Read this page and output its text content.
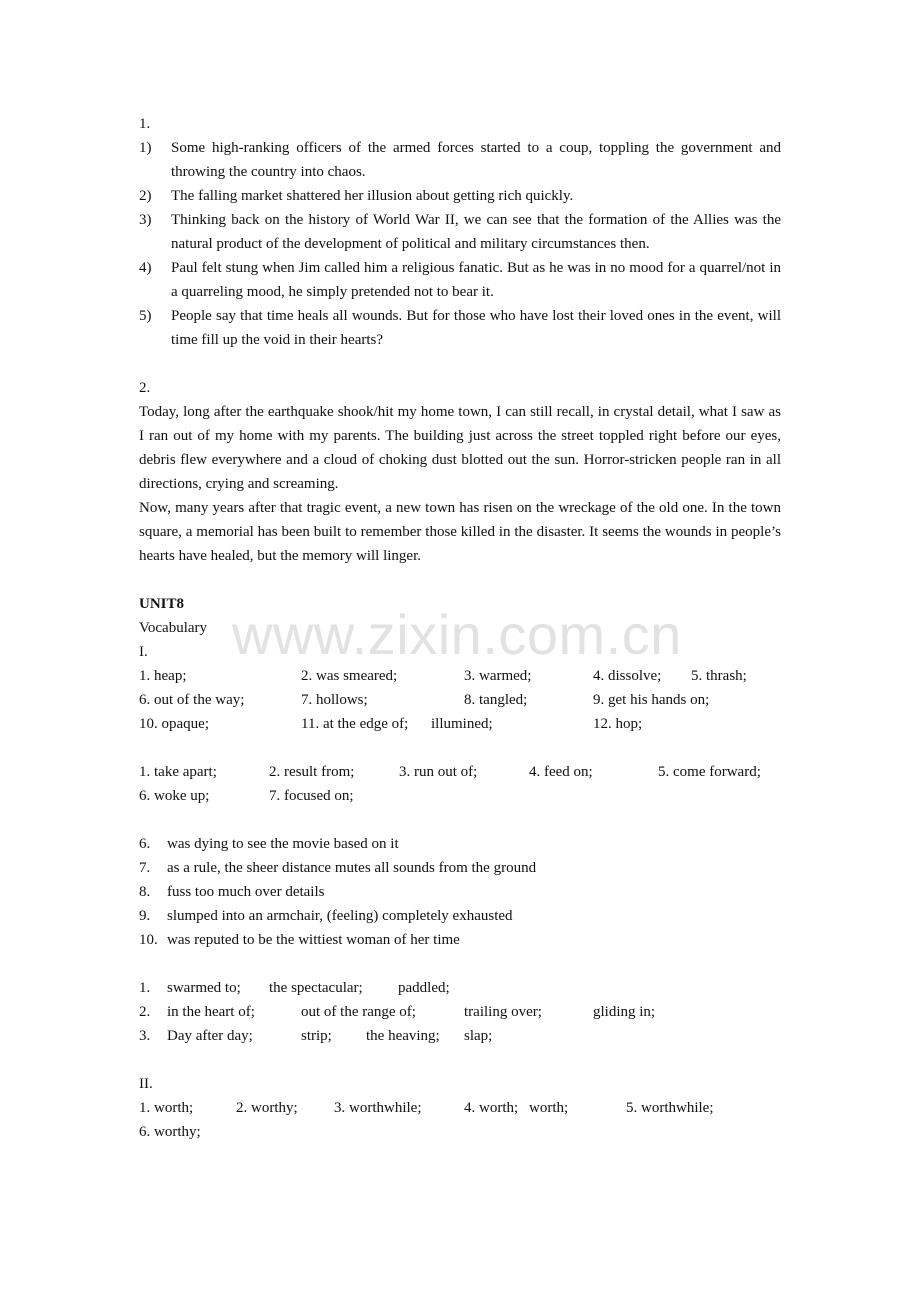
www.zixin.com.cn
1.
1)	Some high-ranking officers of the armed forces started to a coup, toppling the government and throwing the country into chaos.
2)	The falling market shattered her illusion about getting rich quickly.
3)	Thinking back on the history of World War II, we can see that the formation of the Allies was the natural product of the development of political and military circumstances then.
4)	Paul felt stung when Jim called him a religious fanatic. But as he was in no mood for a quarrel/not in a quarreling mood, he simply pretended not to bear it.
5)	People say that time heals all wounds. But for those who have lost their loved ones in the event, will time fill up the void in their hearts?
2.
Today, long after the earthquake shook/hit my home town, I can still recall, in crystal detail, what I saw as I ran out of my home with my parents. The building just across the street toppled right before our eyes, debris flew everywhere and a cloud of choking dust blotted out the sun. Horror-stricken people ran in all directions, crying and screaming.
Now, many years after that tragic event, a new town has risen on the wreckage of the old one. In the town square, a memorial has been built to remember those killed in the disaster. It seems the wounds in people’s hearts have healed, but the memory will linger.
UNIT8
Vocabulary
I.
1. heap;	2. was smeared;	3. warmed;	4. dissolve; 5. thrash;
6. out of the way;	7. hollows;	8. tangled;	9. get his hands on;
10. opaque;	11. at the edge of; illumined;	12. hop;
1. take apart;	2. result from;	3. run out of;	4. feed on;	5. come forward;
6. woke up;	7. focused on;
6. was dying to see the movie based on it
7. as a rule, the sheer distance mutes all sounds from the ground
8. fuss too much over details
9. slumped into an armchair, (feeling) completely exhausted
10. was reputed to be the wittiest woman of her time
1. swarmed to; the spectacular; paddled;
2. in the heart of;	out of the range of;	trailing over;	gliding in;
3. Day after day;	strip; the heaving; slap;
II.
1. worth;	2. worthy; 3. worthwhile;	4. worth; worth;	5. worthwhile;
6. worthy;
